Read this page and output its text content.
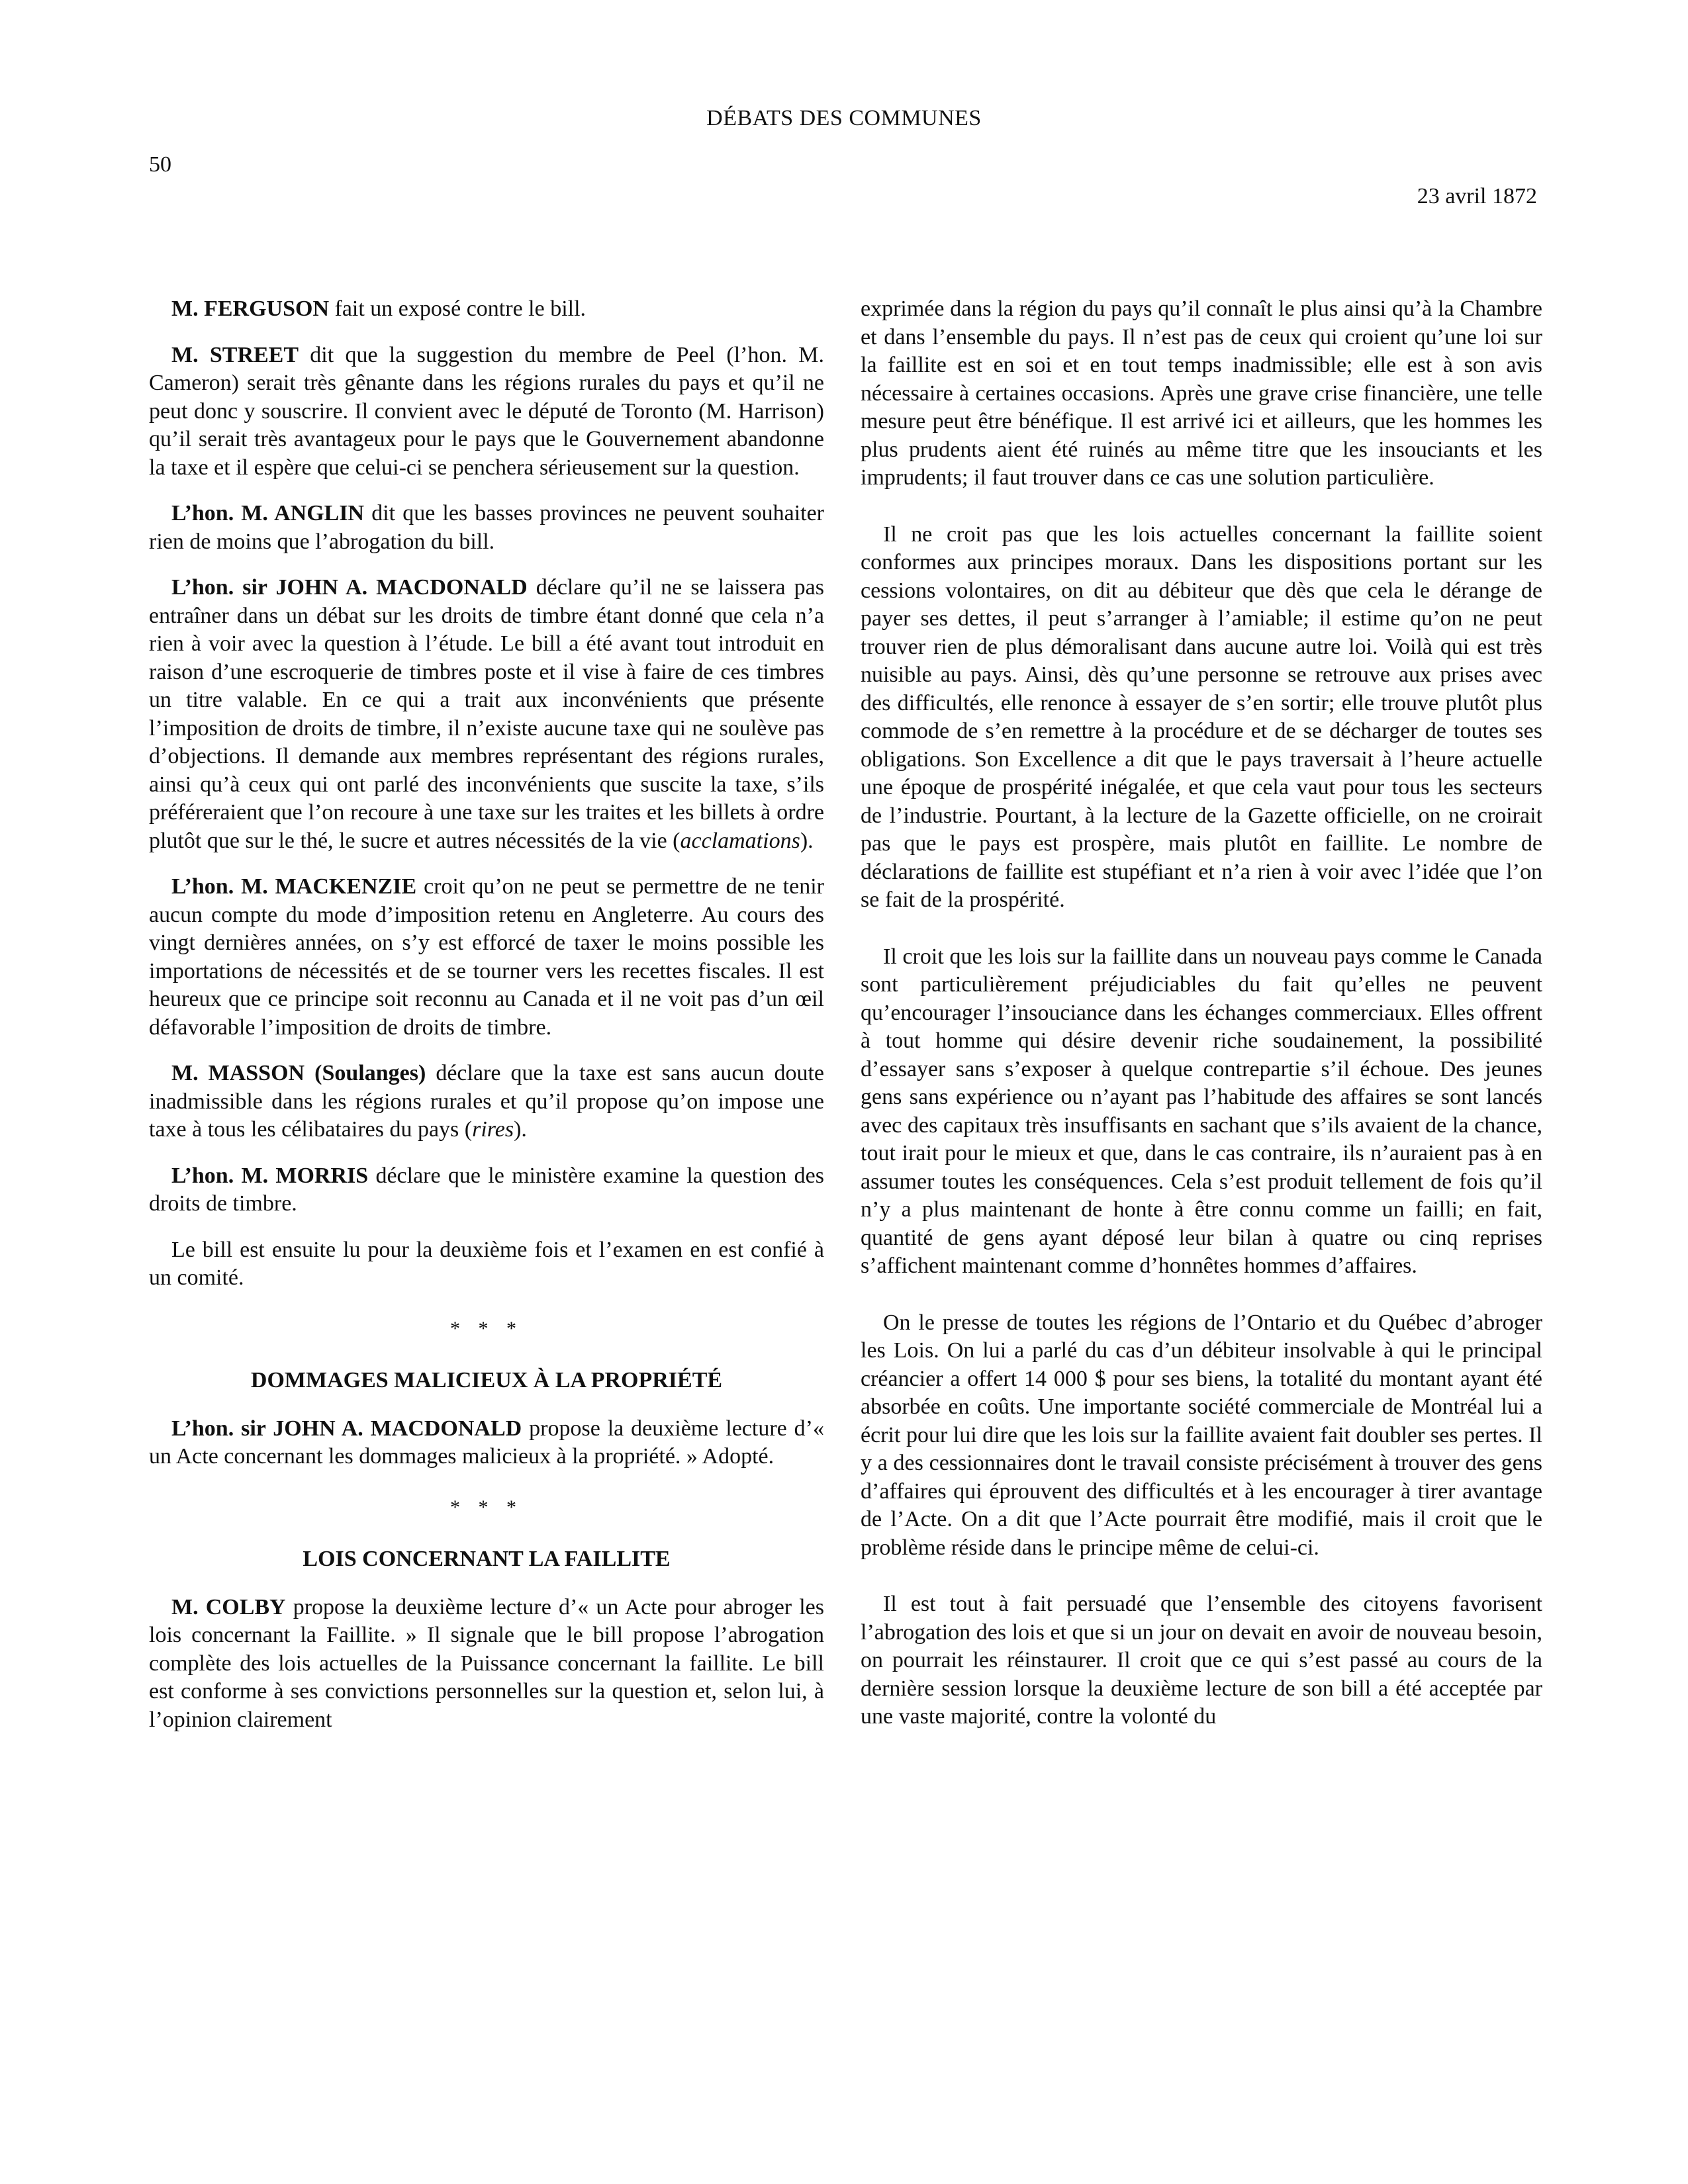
DÉBATS DES COMMUNES
50
23 avril 1872

M. FERGUSON fait un exposé contre le bill.

M. STREET dit que la suggestion du membre de Peel (l’hon. M. Cameron) serait très gênante dans les régions rurales du pays et qu’il ne peut donc y souscrire. Il convient avec le député de Toronto (M. Harrison) qu’il serait très avantageux pour le pays que le Gouvernement abandonne la taxe et il espère que celui-ci se penchera sérieusement sur la question.

L’hon. M. ANGLIN dit que les basses provinces ne peuvent souhaiter rien de moins que l’abrogation du bill.

L’hon. sir JOHN A. MACDONALD déclare qu’il ne se laissera pas entraîner dans un débat sur les droits de timbre étant donné que cela n’a rien à voir avec la question à l’étude. Le bill a été avant tout introduit en raison d’une escroquerie de timbres poste et il vise à faire de ces timbres un titre valable. En ce qui a trait aux inconvénients que présente l’imposition de droits de timbre, il n’existe aucune taxe qui ne soulève pas d’objections. Il demande aux membres représentant des régions rurales, ainsi qu’à ceux qui ont parlé des inconvénients que suscite la taxe, s’ils préféreraient que l’on recoure à une taxe sur les traites et les billets à ordre plutôt que sur le thé, le sucre et autres nécessités de la vie (acclamations).

L’hon. M. MACKENZIE croit qu’on ne peut se permettre de ne tenir aucun compte du mode d’imposition retenu en Angleterre. Au cours des vingt dernières années, on s’y est efforcé de taxer le moins possible les importations de nécessités et de se tourner vers les recettes fiscales. Il est heureux que ce principe soit reconnu au Canada et il ne voit pas d’un œil défavorable l’imposition de droits de timbre.

M. MASSON (Soulanges) déclare que la taxe est sans aucun doute inadmissible dans les régions rurales et qu’il propose qu’on impose une taxe à tous les célibataires du pays (rires).

L’hon. M. MORRIS déclare que le ministère examine la question des droits de timbre.

Le bill est ensuite lu pour la deuxième fois et l’examen en est confié à un comité.

* * *
DOMMAGES MALICIEUX À LA PROPRIÉTÉ

L’hon. sir JOHN A. MACDONALD propose la deuxième lecture d’« un Acte concernant les dommages malicieux à la propriété. » Adopté.

* * *
LOIS CONCERNANT LA FAILLITE

M. COLBY propose la deuxième lecture d’« un Acte pour abroger les lois concernant la Faillite. » Il signale que le bill propose l’abrogation complète des lois actuelles de la Puissance concernant la faillite. Le bill est conforme à ses convictions personnelles sur la question et, selon lui, à l’opinion clairement

exprimée dans la région du pays qu’il connaît le plus ainsi qu’à la Chambre et dans l’ensemble du pays. Il n’est pas de ceux qui croient qu’une loi sur la faillite est en soi et en tout temps inadmissible; elle est à son avis nécessaire à certaines occasions. Après une grave crise financière, une telle mesure peut être bénéfique. Il est arrivé ici et ailleurs, que les hommes les plus prudents aient été ruinés au même titre que les insouciants et les imprudents; il faut trouver dans ce cas une solution particulière.

Il ne croit pas que les lois actuelles concernant la faillite soient conformes aux principes moraux. Dans les dispositions portant sur les cessions volontaires, on dit au débiteur que dès que cela le dérange de payer ses dettes, il peut s’arranger à l’amiable; il estime qu’on ne peut trouver rien de plus démoralisant dans aucune autre loi. Voilà qui est très nuisible au pays. Ainsi, dès qu’une personne se retrouve aux prises avec des difficultés, elle renonce à essayer de s’en sortir; elle trouve plutôt plus commode de s’en remettre à la procédure et de se décharger de toutes ses obligations. Son Excellence a dit que le pays traversait à l’heure actuelle une époque de prospérité inégalée, et que cela vaut pour tous les secteurs de l’industrie. Pourtant, à la lecture de la Gazette officielle, on ne croirait pas que le pays est prospère, mais plutôt en faillite. Le nombre de déclarations de faillite est stupéfiant et n’a rien à voir avec l’idée que l’on se fait de la prospérité.

Il croit que les lois sur la faillite dans un nouveau pays comme le Canada sont particulièrement préjudiciables du fait qu’elles ne peuvent qu’encourager l’insouciance dans les échanges commerciaux. Elles offrent à tout homme qui désire devenir riche soudainement, la possibilité d’essayer sans s’exposer à quelque contrepartie s’il échoue. Des jeunes gens sans expérience ou n’ayant pas l’habitude des affaires se sont lancés avec des capitaux très insuffisants en sachant que s’ils avaient de la chance, tout irait pour le mieux et que, dans le cas contraire, ils n’auraient pas à en assumer toutes les conséquences. Cela s’est produit tellement de fois qu’il n’y a plus maintenant de honte à être connu comme un failli; en fait, quantité de gens ayant déposé leur bilan à quatre ou cinq reprises s’affichent maintenant comme d’honnêtes hommes d’affaires.

On le presse de toutes les régions de l’Ontario et du Québec d’abroger les Lois. On lui a parlé du cas d’un débiteur insolvable à qui le principal créancier a offert 14 000 $ pour ses biens, la totalité du montant ayant été absorbée en coûts. Une importante société commerciale de Montréal lui a écrit pour lui dire que les lois sur la faillite avaient fait doubler ses pertes. Il y a des cessionnaires dont le travail consiste précisément à trouver des gens d’affaires qui éprouvent des difficultés et à les encourager à tirer avantage de l’Acte. On a dit que l’Acte pourrait être modifié, mais il croit que le problème réside dans le principe même de celui-ci.

Il est tout à fait persuadé que l’ensemble des citoyens favorisent l’abrogation des lois et que si un jour on devait en avoir de nouveau besoin, on pourrait les réinstaurer. Il croit que ce qui s’est passé au cours de la dernière session lorsque la deuxième lecture de son bill a été acceptée par une vaste majorité, contre la volonté du
